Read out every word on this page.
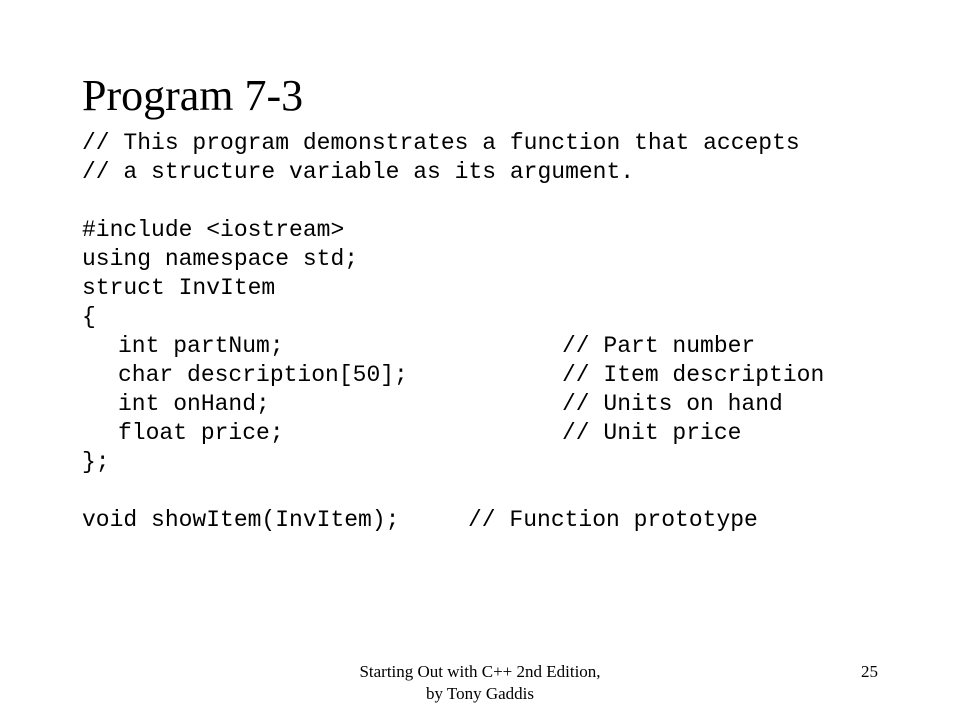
Program 7-3

// This program demonstrates a function that accepts

// a structure variable as its argument.

#include <iostream>

using namespace std;

struct InvItem

{

int partNum;

	// Part number

char description[50];

	// Item description

int onHand;

	// Units on hand

float price;

	// Unit price

};

void showItem(InvItem);

	// Function prototype

Starting Out with C++ 2nd Edition,
by Tony Gaddis
25
